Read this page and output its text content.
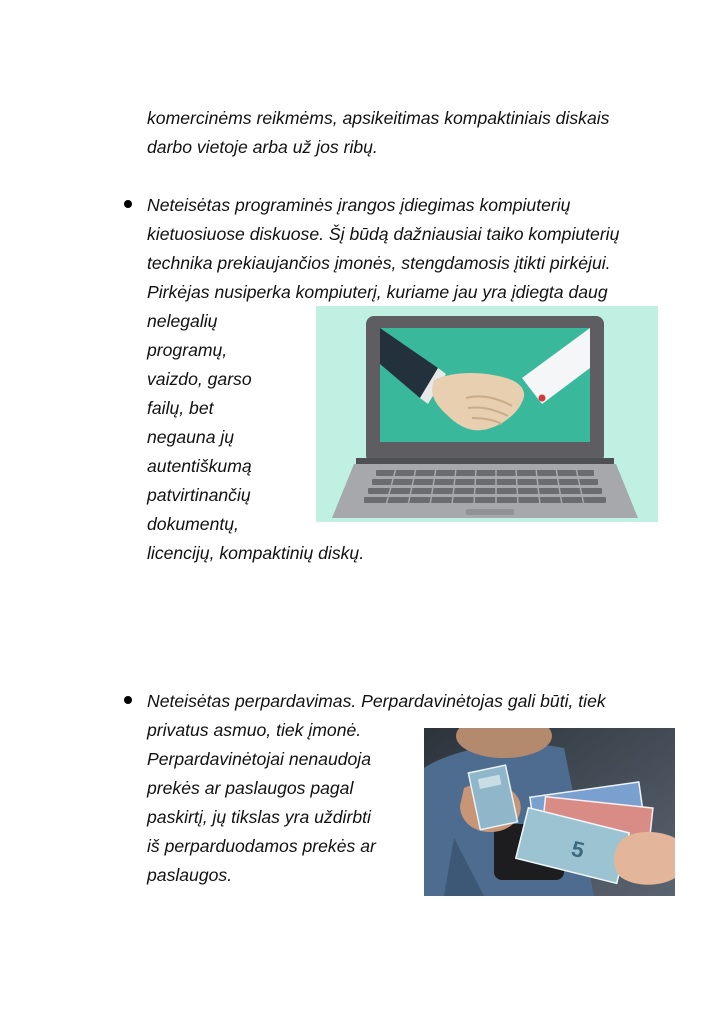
komercinėms reikmėms, apsikeitimas kompaktiniais diskais
darbo vietoje arba už jos ribų.
Neteisėtas programinės įrangos įdiegimas kompiuterių
kietuosiuose diskuose. Šį būdą dažniausiai taiko kompiuterių
technika prekiaujančios įmonės, stengdamosis įtikti pirkėjui.
Pirkėjas nusiperka kompiuterį, kuriame jau yra įdiegta daug
nelegalių
programų,
vaizdo, garso
failų, bet
negauna jų
autentiškumą
patvirtinančių
dokumentų,
licencijų, kompaktinių diskų.
Neteisėtas perpardavimas. Perpardavinėtojas gali būti, tiek
privatus asmuo, tiek įmonė.
Perpardavinėtojai nenaudoja
prekės ar paslaugos pagal
paskirtį, jų tikslas yra uždirbti
iš perparduodamos prekės ar
paslaugos.
5
